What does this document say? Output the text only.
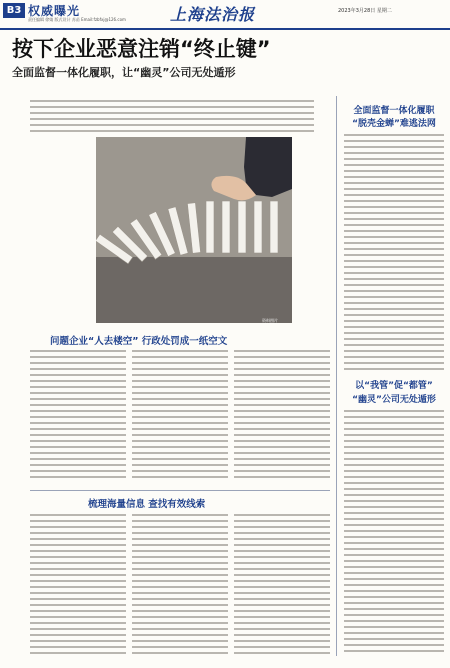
B3 权威曝光
责任编辑 徐婧 版式设计 苏苗 Email:fzbfxj@126.com	上海法治报	2023年3月28日 星期二
按下企业恶意注销“终止键”
全面监督一体化履职，让“幽灵”公司无处遁形
资料图片
问题企业“人去楼空” 行政处罚成一纸空文
梳理海量信息 查找有效线索
全面监督一体化履职
“脱壳金蝉”难逃法网
以“我管”促“都管”
“幽灵”公司无处遁形
